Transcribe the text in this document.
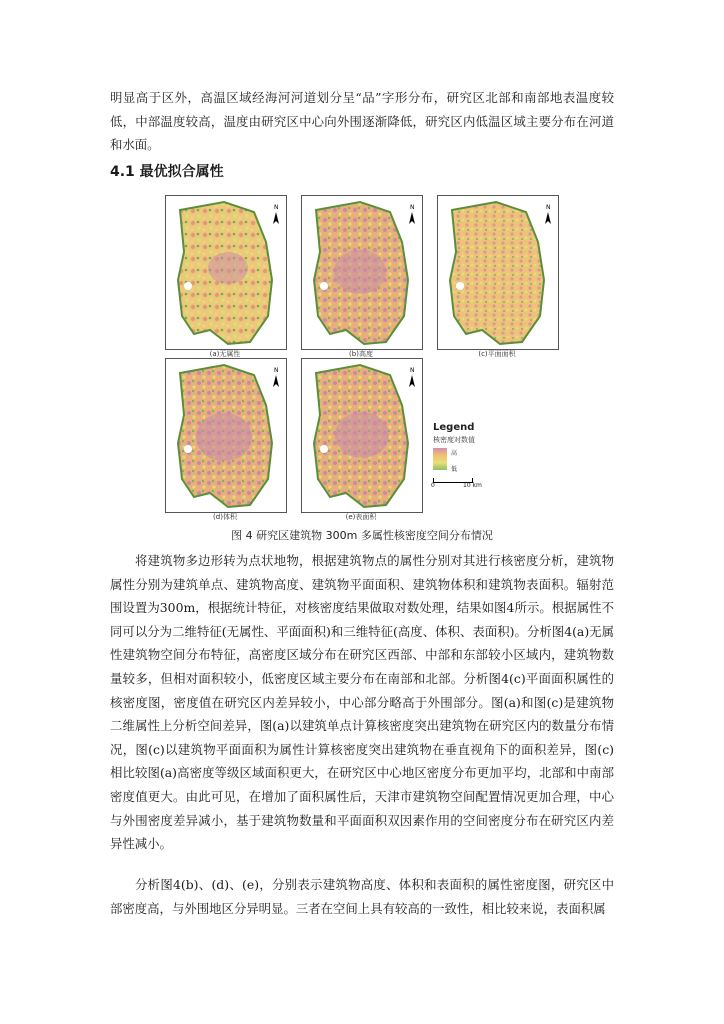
明显高于区外，高温区域经海河河道划分呈“品”字形分布，研究区北部和南部地表温度较低，中部温度较高，温度由研究区中心向外围逐渐降低，研究区内低温区域主要分布在河道和水面。

4.1 最优拟合属性
N
(a)无属性
N
(b)高度
N
(c)平面面积
N
(d)体积
N
(e)表面积
Legend
核密度对数值
高
低
0	10 km
图 4 研究区建筑物 300m 多属性核密度空间分布情况

将建筑物多边形转为点状地物，根据建筑物点的属性分别对其进行核密度分析，建筑物属性分别为建筑单点、建筑物高度、建筑物平面面积、建筑物体积和建筑物表面积。辐射范围设置为300m，根据统计特征，对核密度结果做取对数处理，结果如图4所示。根据属性不同可以分为二维特征(无属性、平面面积)和三维特征(高度、体积、表面积)。分析图4(a)无属性建筑物空间分布特征，高密度区域分布在研究区西部、中部和东部较小区域内，建筑物数量较多，但相对面积较小，低密度区域主要分布在南部和北部。分析图4(c)平面面积属性的核密度图，密度值在研究区内差异较小，中心部分略高于外围部分。图(a)和图(c)是建筑物二维属性上分析空间差异，图(a)以建筑单点计算核密度突出建筑物在研究区内的数量分布情况，图(c)以建筑物平面面积为属性计算核密度突出建筑物在垂直视角下的面积差异，图(c)相比较图(a)高密度等级区域面积更大，在研究区中心地区密度分布更加平均，北部和中南部密度值更大。由此可见，在增加了面积属性后，天津市建筑物空间配置情况更加合理，中心与外围密度差异减小，基于建筑物数量和平面面积双因素作用的空间密度分布在研究区内差异性减小。

分析图4(b)、(d)、(e)，分别表示建筑物高度、体积和表面积的属性密度图，研究区中部密度高，与外围地区分异明显。三者在空间上具有较高的一致性，相比较来说，表面积属
